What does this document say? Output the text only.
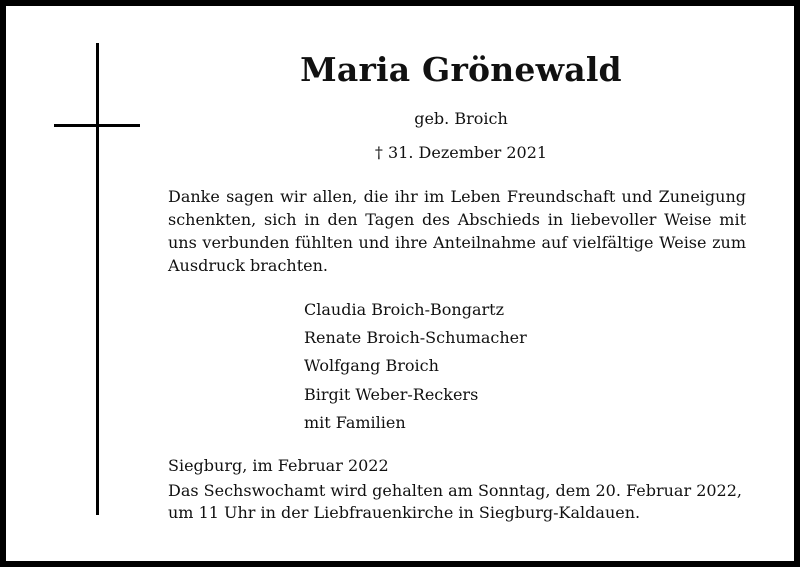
Maria Grönewald
geb. Broich
† 31. Dezember 2021

Danke sagen wir allen, die ihr im Leben Freundschaft und Zuneigung schenkten, sich in den Tagen des Abschieds in liebevoller Weise mit uns verbunden fühlten und ihre Anteilnahme auf vielfältige Weise zum Ausdruck brachten.

Claudia Broich-Bongartz
Renate Broich-Schumacher
Wolfgang Broich
Birgit Weber-Reckers
mit Familien
Siegburg, im Februar 2022

Das Sechswochamt wird gehalten am Sonntag, dem 20. Februar 2022, um 11 Uhr in der Liebfrauenkirche in Siegburg-Kaldauen.
